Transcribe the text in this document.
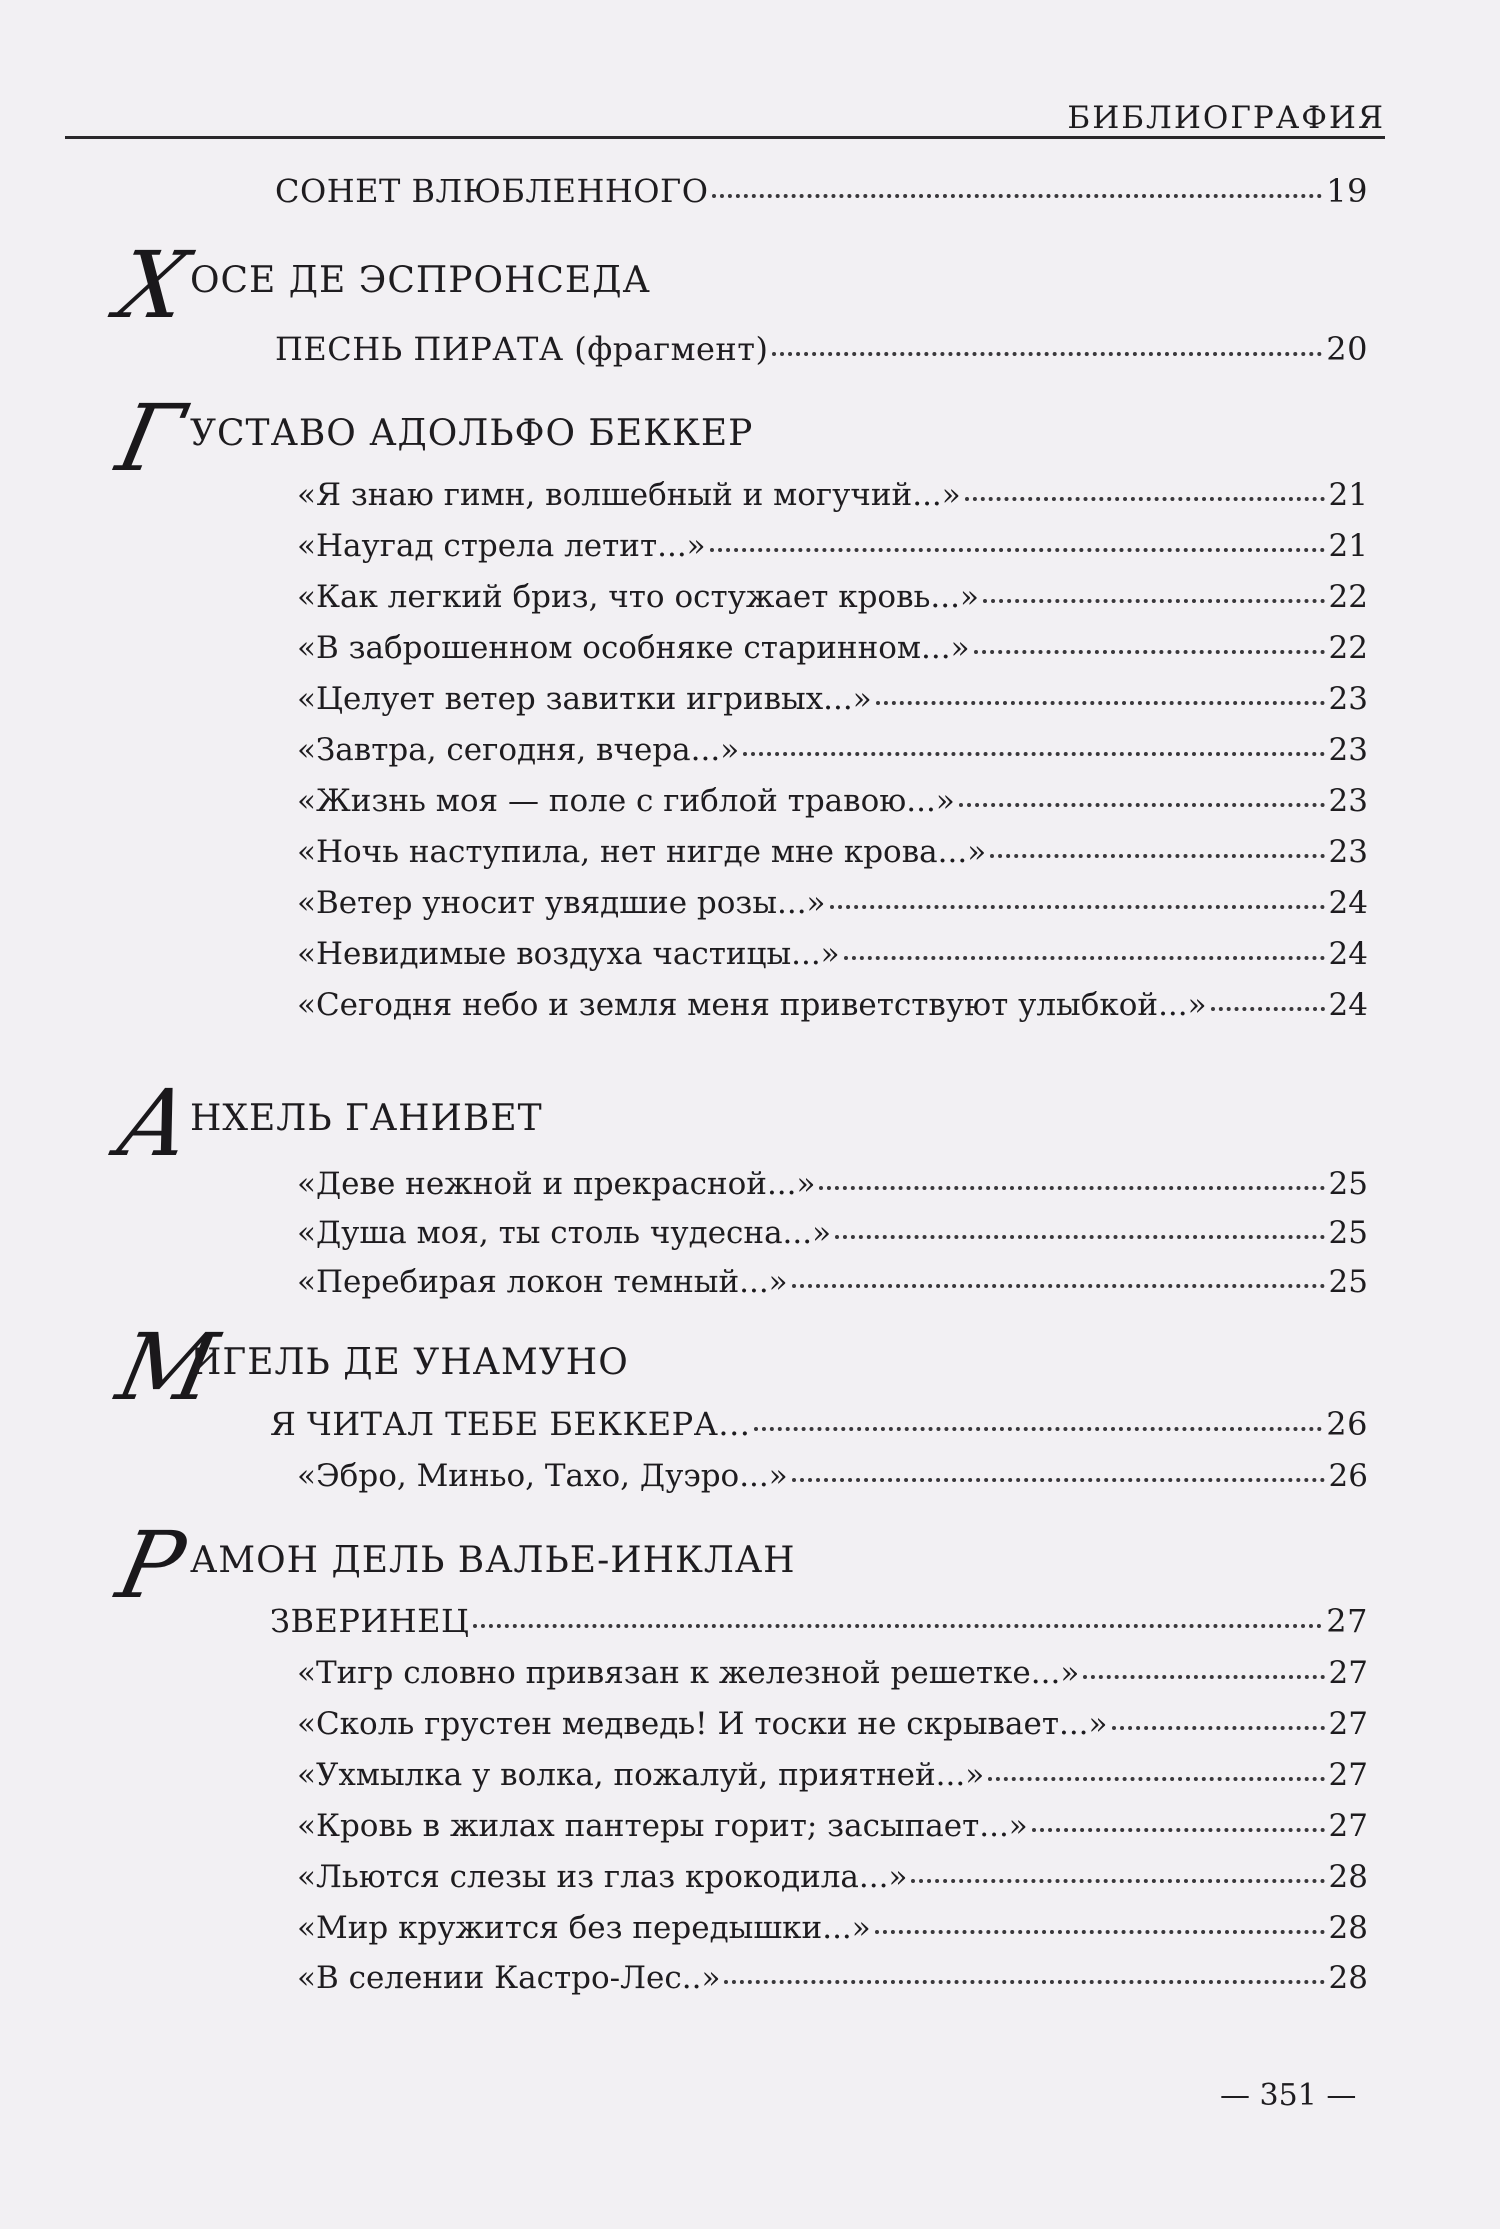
БИБЛИОГРАФИЯ
СОНЕТ ВЛЮБЛЕННОГО	19
Х
ОСЕ ДЕ ЭСПРОНСЕДА
ПЕСНЬ ПИРАТА (фрагмент)	20
Г
УСТАВО АДОЛЬФО БЕККЕР
«Я знаю гимн, волшебный и могучий...»	21
«Наугад стрела летит...»	21
«Как легкий бриз, что остужает кровь...»	22
«В заброшенном особняке старинном...»	22
«Целует ветер завитки игривых...»	23
«Завтра, сегодня, вчера...»	23
«Жизнь моя — поле с гиблой травою...»	23
«Ночь наступила, нет нигде мне крова...»	23
«Ветер уносит увядшие розы...»	24
«Невидимые воздуха частицы...»	24
«Сегодня небо и земля меня приветствуют улыбкой...»	24
А
НХЕЛЬ ГАНИВЕТ
«Деве нежной и прекрасной...»	25
«Душа моя, ты столь чудесна...»	25
«Перебирая локон темный...»	25
М
ИГЕЛЬ ДЕ УНАМУНО
Я ЧИТАЛ ТЕБЕ БЕККЕРА...	26
«Эбро, Миньо, Тахо, Дуэро...»	26
Р
АМОН ДЕЛЬ ВАЛЬЕ-ИНКЛАН
ЗВЕРИНЕЦ	27
«Тигр словно привязан к железной решетке...»	27
«Сколь грустен медведь! И тоски не скрывает...»	27
«Ухмылка у волка, пожалуй, приятней...»	27
«Кровь в жилах пантеры горит; засыпает...»	27
«Льются слезы из глаз крокодила...»	28
«Мир кружится без передышки...»	28
«В селении Кастро-Лес..»	28
— 351 —
